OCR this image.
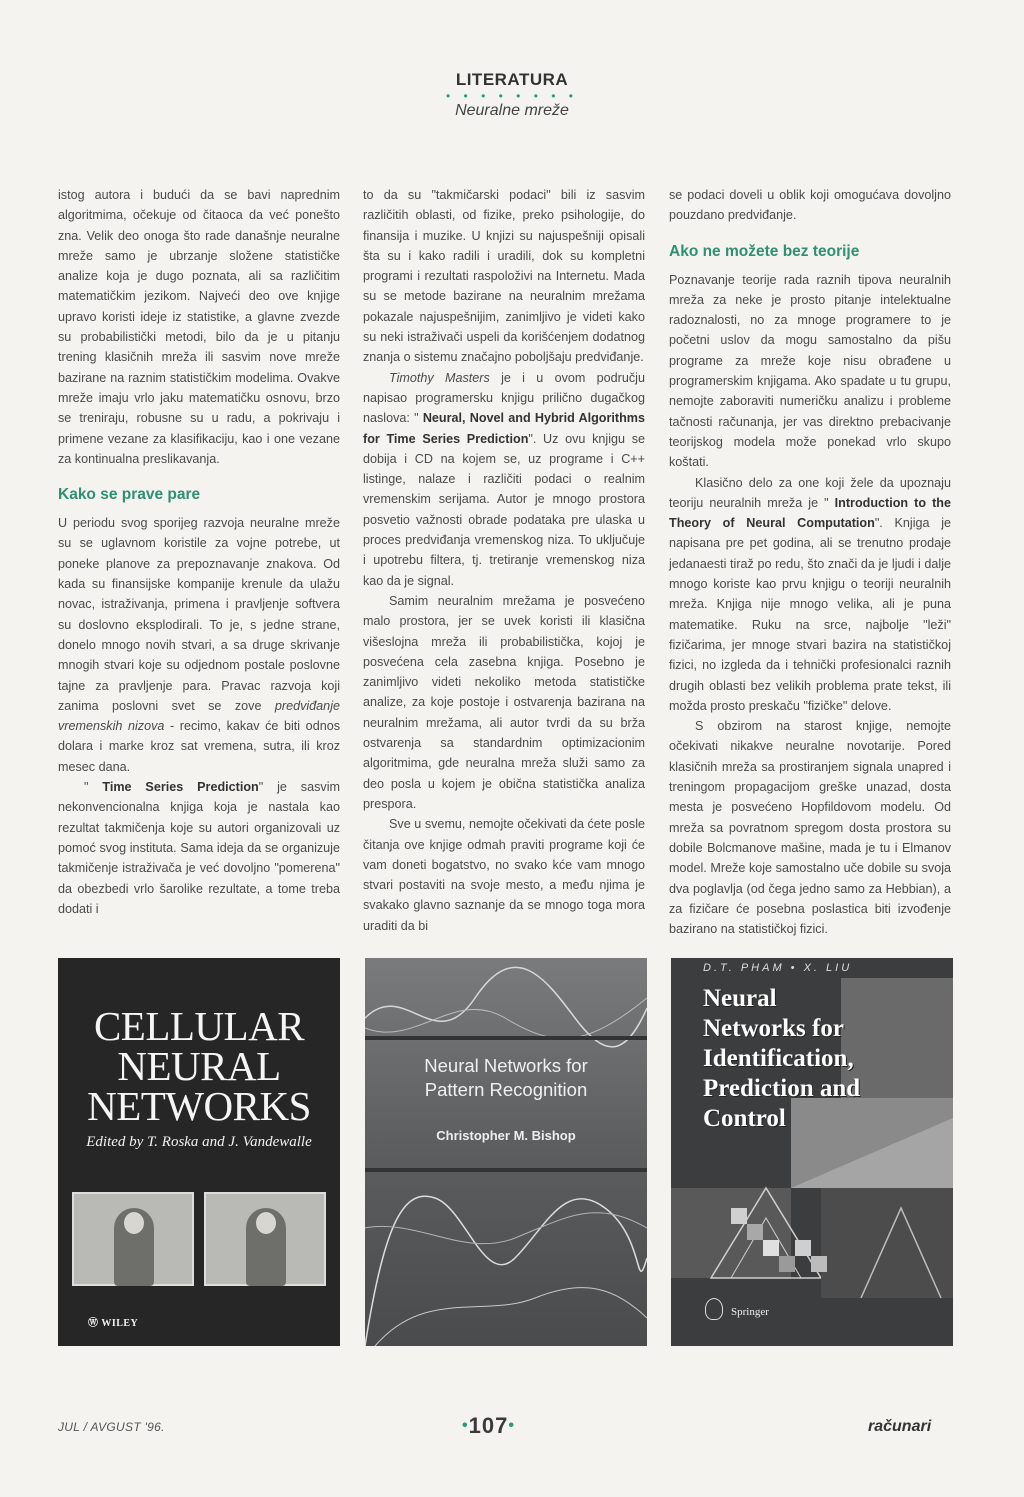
LITERATURA
• • • • • • • •
Neuralne mreže

istog autora i budući da se bavi naprednim algoritmima, očekuje od čitaoca da već ponešto zna. Velik deo onoga što rade današnje neuralne mreže samo je ubrzanje složene statističke analize koja je dugo poznata, ali sa različitim matematičkim jezikom. Najveći deo ove knjige upravo koristi ideje iz statistike, a glavne zvezde su probabilistički metodi, bilo da je u pitanju trening klasičnih mreža ili sasvim nove mreže bazirane na raznim statističkim modelima. Ovakve mreže imaju vrlo jaku matematičku osnovu, brzo se treniraju, robusne su u radu, a pokrivaju i primene vezane za klasifikaciju, kao i one vezane za kontinualna preslikavanja.

Kako se prave pare

U periodu svog sporijeg razvoja neuralne mreže su se uglavnom koristile za vojne potrebe, ut poneke planove za prepoznavanje znakova. Od kada su finansijske kompanije krenule da ulažu novac, istraživanja, primena i pravljenje softvera su doslovno eksplodirali. To je, s jedne strane, donelo mnogo novih stvari, a sa druge skrivanje mnogih stvari koje su odjednom postale poslovne tajne za pravljenje para. Pravac razvoja koji zanima poslovni svet se zove predviđanje vremenskih nizova - recimo, kakav će biti odnos dolara i marke kroz sat vremena, sutra, ili kroz mesec dana.

" Time Series Prediction" je sasvim nekonvencionalna knjiga koja je nastala kao rezultat takmičenja koje su autori organizovali uz pomoć svog instituta. Sama ideja da se organizuje takmičenje istraživača je već dovoljno "pomerena" da obezbedi vrlo šarolike rezultate, a tome treba dodati i

to da su "takmičarski podaci" bili iz sasvim različitih oblasti, od fizike, preko psihologije, do finansija i muzike. U knjizi su najuspešniji opisali šta su i kako radili i uradili, dok su kompletni programi i rezultati raspoloživi na Internetu. Mada su se metode bazirane na neuralnim mrežama pokazale najuspešnijim, zanimljivo je videti kako su neki istraživači uspeli da korišćenjem dodatnog znanja o sistemu značajno poboljšaju predviđanje.

Timothy Masters je i u ovom području napisao programersku knjigu prilično dugačkog naslova: " Neural, Novel and Hybrid Algorithms for Time Series Prediction". Uz ovu knjigu se dobija i CD na kojem se, uz programe i C++ listinge, nalaze i različiti podaci o realnim vremenskim serijama. Autor je mnogo prostora posvetio važnosti obrade podataka pre ulaska u proces predviđanja vremenskog niza. To uključuje i upotrebu filtera, tj. tretiranje vremenskog niza kao da je signal.

Samim neuralnim mrežama je posvećeno malo prostora, jer se uvek koristi ili klasična višeslojna mreža ili probabilistička, kojoj je posvećena cela zasebna knjiga. Posebno je zanimljivo videti nekoliko metoda statističke analize, za koje postoje i ostvarenja bazirana na neuralnim mrežama, ali autor tvrdi da su brža ostvarenja sa standardnim optimizacionim algoritmima, gde neuralna mreža služi samo za deo posla u kojem je obična statistička analiza presporа.

Sve u svemu, nemojte očekivati da ćete posle čitanja ove knjige odmah praviti programe koji će vam doneti bogatstvo, no svako kće vam mnogo stvari postaviti na svoje mesto, a među njima je svakako glavno saznanje da se mnogo toga mora uraditi da bi

se podaci doveli u oblik koji omogućava dovoljno pouzdano predviđanje.

Ako ne možete bez teorije

Poznavanje teorije rada raznih tipova neuralnih mreža za neke je prosto pitanje intelektualne radoznalosti, no za mnoge programere to je početni uslov da mogu samostalno da pišu programe za mreže koje nisu obrađene u programerskim knjigama. Ako spadate u tu grupu, nemojte zaboraviti numeričku analizu i probleme tačnosti računanja, jer vas direktno prebacivanje teorijskog modela može ponekad vrlo skupo koštati.

Klasično delo za one koji žele da upoznaju teoriju neuralnih mreža je " Introduction to the Theory of Neural Computation". Knjiga je napisana pre pet godina, ali se trenutno prodaje jedanaesti tiraž po redu, što znači da je ljudi i dalje mnogo koriste kao prvu knjigu o teoriji neuralnih mreža. Knjiga nije mnogo velika, ali je puna matematike. Ruku na srce, najbolje "leži" fizičarima, jer mnoge stvari bazira na statističkoj fizici, no izgleda da i tehnički profesionalci raznih drugih oblasti bez velikih problema prate tekst, ili možda prosto preskaču "fizičke" delove.

S obzirom na starost knjige, nemojte očekivati nikakve neuralne novotarije. Pored klasičnih mreža sa prostiranjem signala unapred i treningom propagacijom greške unazad, dosta mesta je posvećeno Hopfildovom modelu. Od mreža sa povratnom spregom dosta prostora su dobile Bolcmanove mašine, mada je tu i Elmanov model. Mreže koje samostalno uče dobile su svoja dva poglavlja (od čega jedno samo za Hebbian), a za fizičare će posebna poslastica biti izvođenje bazirano na statističkoj fizici.

CELLULAR
NEURAL
NETWORKS
Edited by T. Roska and J. Vandewalle
Ⓦ WILEY
Neural Networks for
Pattern Recognition
Christopher M. Bishop
D.T. PHAM • X. LIU
Neural
Networks for
Identification,
Prediction and
Control
Springer
JUL / AVGUST '96.	•107•	računari
